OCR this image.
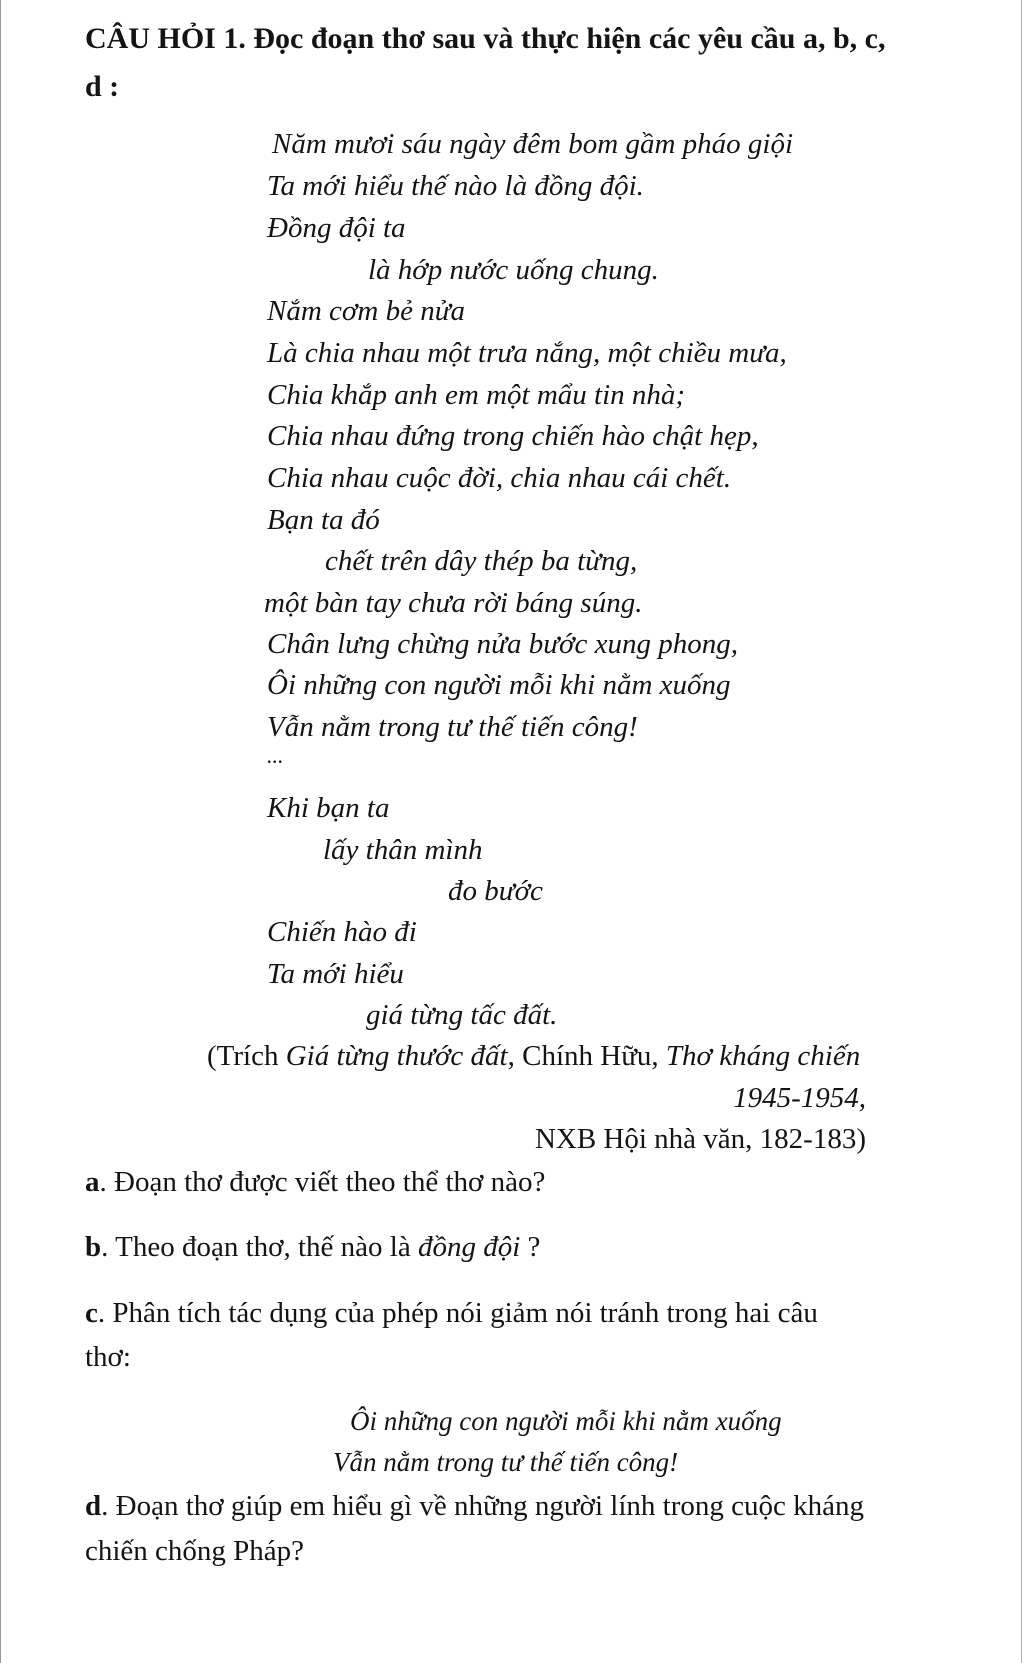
CÂU HỎI 1. Đọc đoạn thơ sau và thực hiện các yêu cầu a, b, c,
d :
Năm mươi sáu ngày đêm bom gầm pháo giội
Ta mới hiểu thế nào là đồng đội.
Đồng đội ta
là hớp nước uống chung.
Nắm cơm bẻ nửa
Là chia nhau một trưa nắng, một chiều mưa,
Chia khắp anh em một mẩu tin nhà;
Chia nhau đứng trong chiến hào chật hẹp,
Chia nhau cuộc đời, chia nhau cái chết.
Bạn ta đó
chết trên dây thép ba từng,
một bàn tay chưa rời báng súng.
Chân lưng chừng nửa bước xung phong,
Ôi những con người mỗi khi nằm xuống
Vẫn nằm trong tư thế tiến công!
...
Khi bạn ta
lấy thân mình
đo bước
Chiến hào đi
Ta mới hiểu
giá từng tấc đất.
(Trích Giá từng thước đất, Chính Hữu, Thơ kháng chiến
1945-1954,
NXB Hội nhà văn, 182-183)
a. Đoạn thơ được viết theo thể thơ nào?
b. Theo đoạn thơ, thế nào là đồng đội ?
c. Phân tích tác dụng của phép nói giảm nói tránh trong hai câu
thơ:
Ôi những con người mỗi khi nằm xuống
Vẫn nằm trong tư thế tiến công!
d. Đoạn thơ giúp em hiểu gì về những người lính trong cuộc kháng
chiến chống Pháp?
